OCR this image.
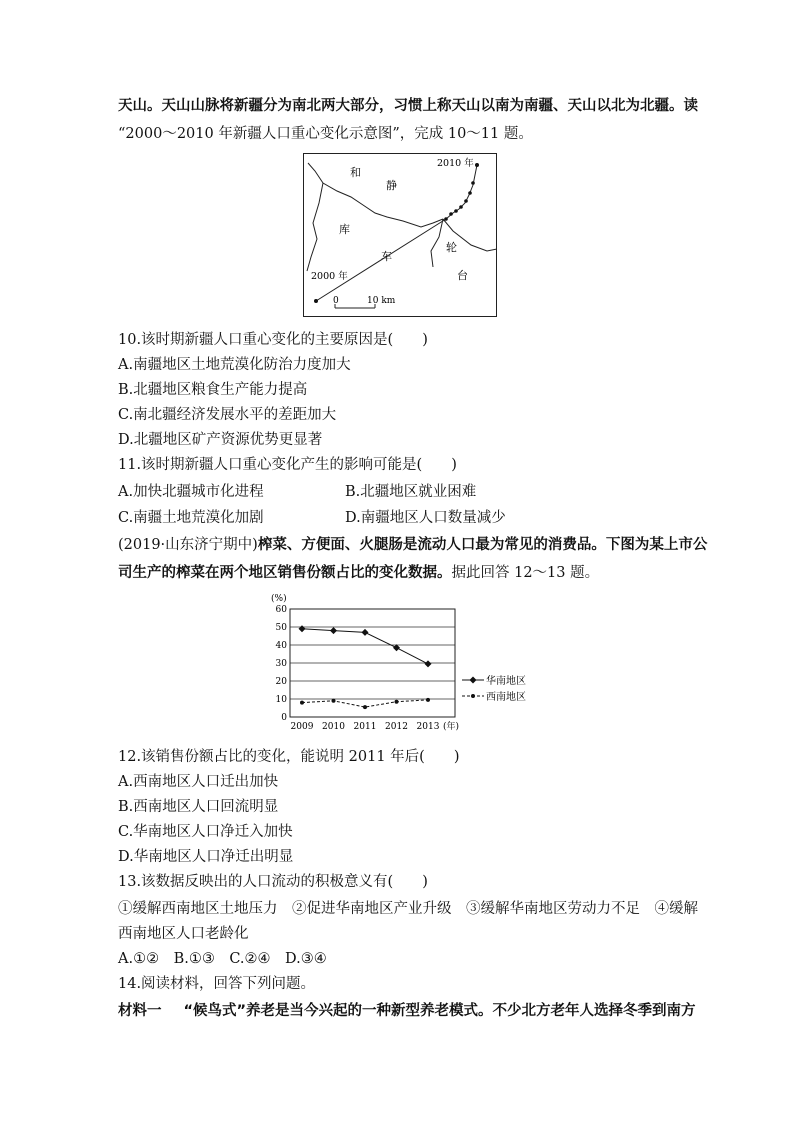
天山。天山山脉将新疆分为南北两大部分，习惯上称天山以南为南疆、天山以北为北疆。读
“2000～2010 年新疆人口重心变化示意图”，完成 10～11 题。
和
静
库
车
轮
台
2010 年
2000 年
0	10 km
10.该时期新疆人口重心变化的主要原因是(　　)
A.南疆地区土地荒漠化防治力度加大
B.北疆地区粮食生产能力提高
C.南北疆经济发展水平的差距加大
D.北疆地区矿产资源优势更显著
11.该时期新疆人口重心变化产生的影响可能是(　　)
A.加快北疆城市化进程	B.北疆地区就业困难
C.南疆土地荒漠化加剧	D.南疆地区人口数量减少
(2019·山东济宁期中)榨菜、方便面、火腿肠是流动人口最为常见的消费品。下图为某上市公
司生产的榨菜在两个地区销售份额占比的变化数据。据此回答 12～13 题。
0
10
20
30
40
50
60
2009 2010 2011 2012 2013 (年)
华南地区
西南地区
(%)
12.该销售份额占比的变化，能说明 2011 年后(　　)
A.西南地区人口迁出加快
B.西南地区人口回流明显
C.华南地区人口净迁入加快
D.华南地区人口净迁出明显
13.该数据反映出的人口流动的积极意义有(　　)
①缓解西南地区土地压力　②促进华南地区产业升级　③缓解华南地区劳动力不足　④缓解
西南地区人口老龄化
A.①②　B.①③　C.②④　D.③④
14.阅读材料，回答下列问题。
材料一 “候鸟式”养老是当今兴起的一种新型养老模式。不少北方老年人选择冬季到南方
